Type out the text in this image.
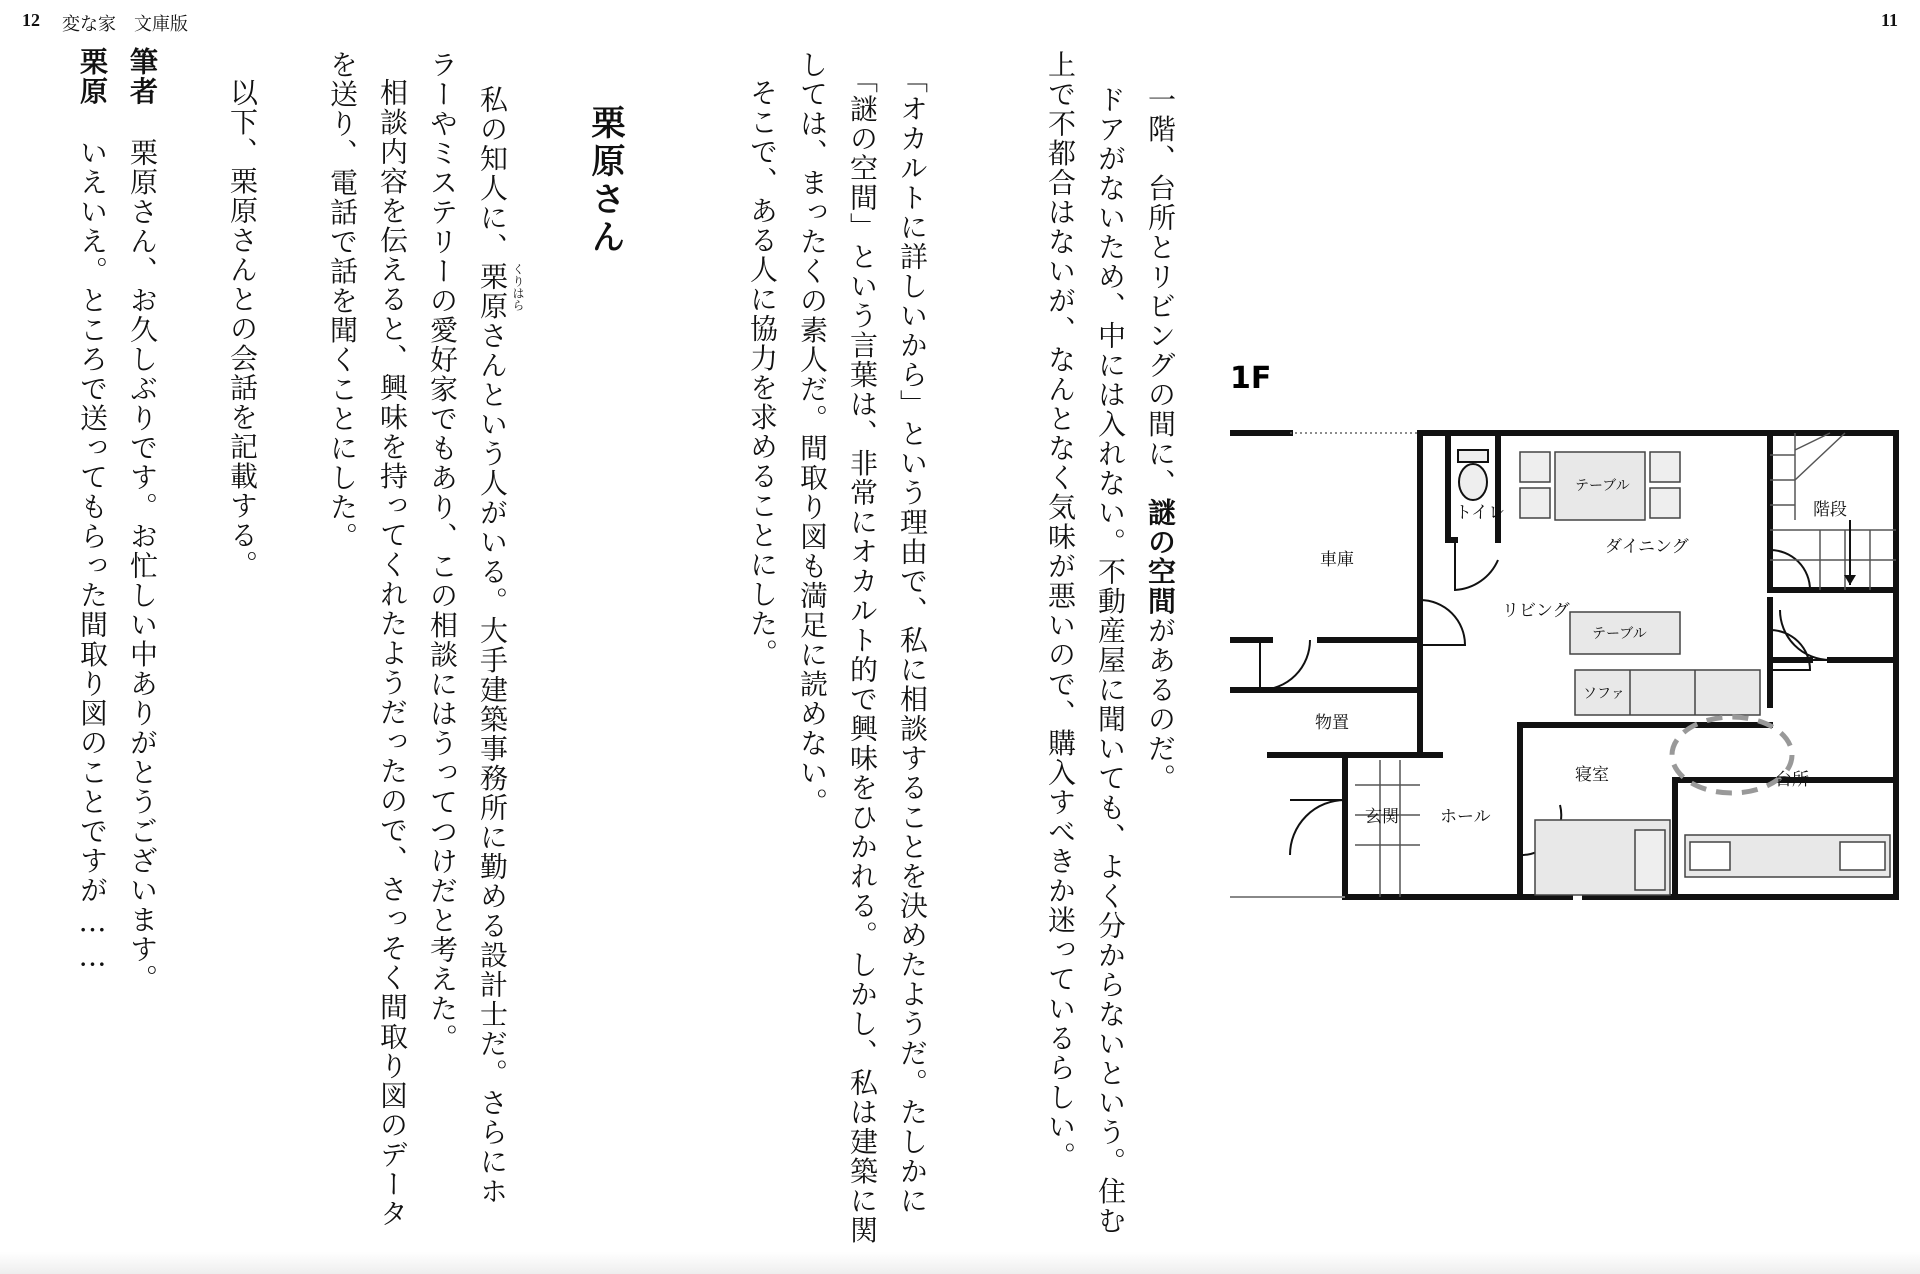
12 変な家　文庫版	11
一階、台所とリビングの間に、謎の空間があるのだ。
ドアがないため、中には入れない。不動産屋に聞いても、よく分からないという。住む
上で不都合はないが、なんとなく気味が悪いので、購入すべきか迷っているらしい。
「オカルトに詳しいから」という理由で、私に相談することを決めたようだ。たしかに
「謎の空間」という言葉は、非常にオカルト的で興味をひかれる。しかし、私は建築に関
しては、まったくの素人だ。間取り図も満足に読めない。
そこで、ある人に協力を求めることにした。	1F
車庫
トイレ
テーブル
ダイニング
階段
リビング
テーブル
ソファ
物置
寝室	台所
玄関 ホール
栗原さん
私の知人に、栗原さんという人がいる。大手建築事務所に勤める設計士だ。さらにホ くりはら
ラーやミステリーの愛好家でもあり、この相談にはうってつけだと考えた。
相談内容を伝えると、興味を持ってくれたようだったので、さっそく間取り図のデータ
を送り、電話で話を聞くことにした。
以下、栗原さんとの会話を記載する。
筆者
栗原さん、お久しぶりです。お忙しい中ありがとうございます。
栗原
いえいえ。ところで送ってもらった間取り図のことですが……
